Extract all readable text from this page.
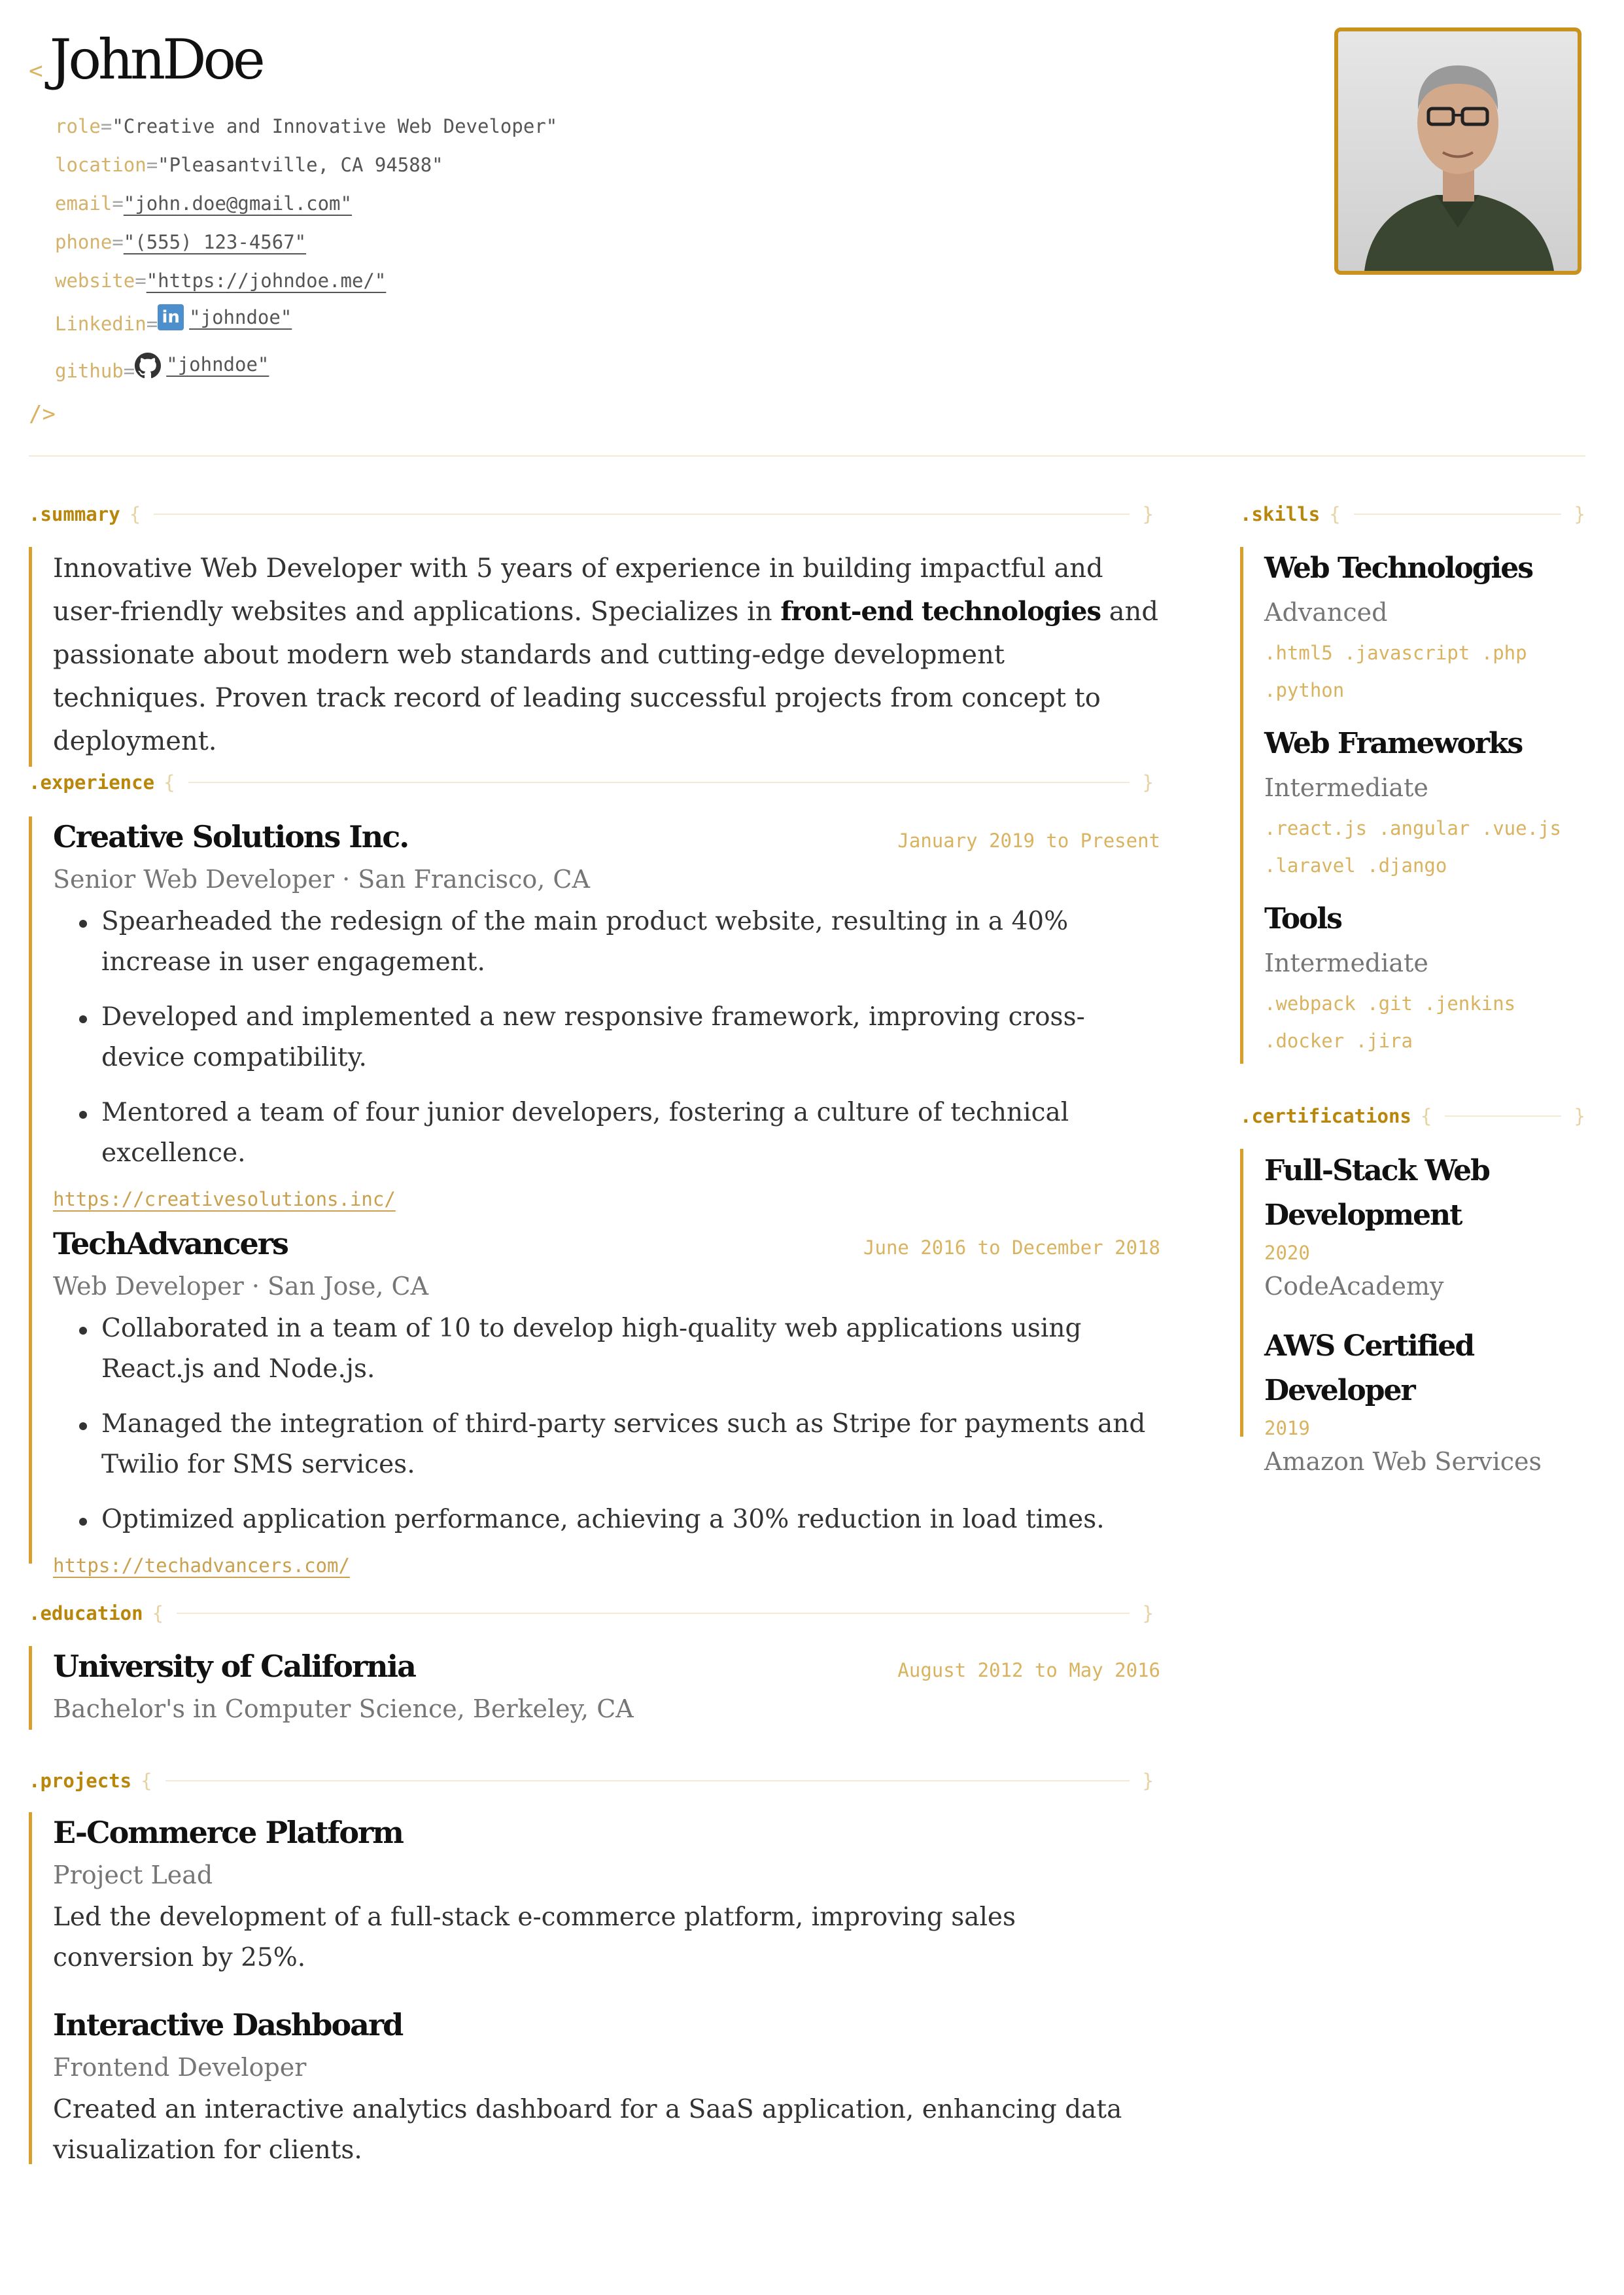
< JohnDoe
role = "Creative and Innovative Web Developer"
location = "Pleasantville, CA 94588"
email = "john.doe@gmail.com"
phone = "(555) 123-4567"
website = "https://johndoe.me/"
Linkedin = in "johndoe"
github = "johndoe"
/>
.summary {	}
Innovative Web Developer with 5 years of experience in building impactful and user-friendly websites and applications. Specializes in front-end technologies and passionate about modern web standards and cutting-edge development techniques. Proven track record of leading successful projects from concept to deployment.
.experience {	}
Creative Solutions Inc.	January 2019 to Present
Senior Web Developer · San Francisco, CA
Spearheaded the redesign of the main product website, resulting in a 40% increase in user engagement.
Developed and implemented a new responsive framework, improving cross-device compatibility.
Mentored a team of four junior developers, fostering a culture of technical excellence.
https://creativesolutions.inc/
TechAdvancers	June 2016 to December 2018
Web Developer · San Jose, CA
Collaborated in a team of 10 to develop high-quality web applications using React.js and Node.js.
Managed the integration of third-party services such as Stripe for payments and Twilio for SMS services.
Optimized application performance, achieving a 30% reduction in load times.
https://techadvancers.com/
.education {	}
University of California	August 2012 to May 2016
Bachelor's in Computer Science, Berkeley, CA
.projects {	}
E-Commerce Platform
Project Lead
Led the development of a full-stack e-commerce platform, improving sales conversion by 25%.
Interactive Dashboard
Frontend Developer
Created an interactive analytics dashboard for a SaaS application, enhancing data visualization for clients.
.skills {	}
Web Technologies
Advanced
.html5 .javascript .php
.python
Web Frameworks
Intermediate
.react.js .angular .vue.js
.laravel .django
Tools
Intermediate
.webpack .git .jenkins
.docker .jira
.certifications {	}
Full-Stack Web
Development
2020
CodeAcademy
AWS Certified Developer
2019
Amazon Web Services
